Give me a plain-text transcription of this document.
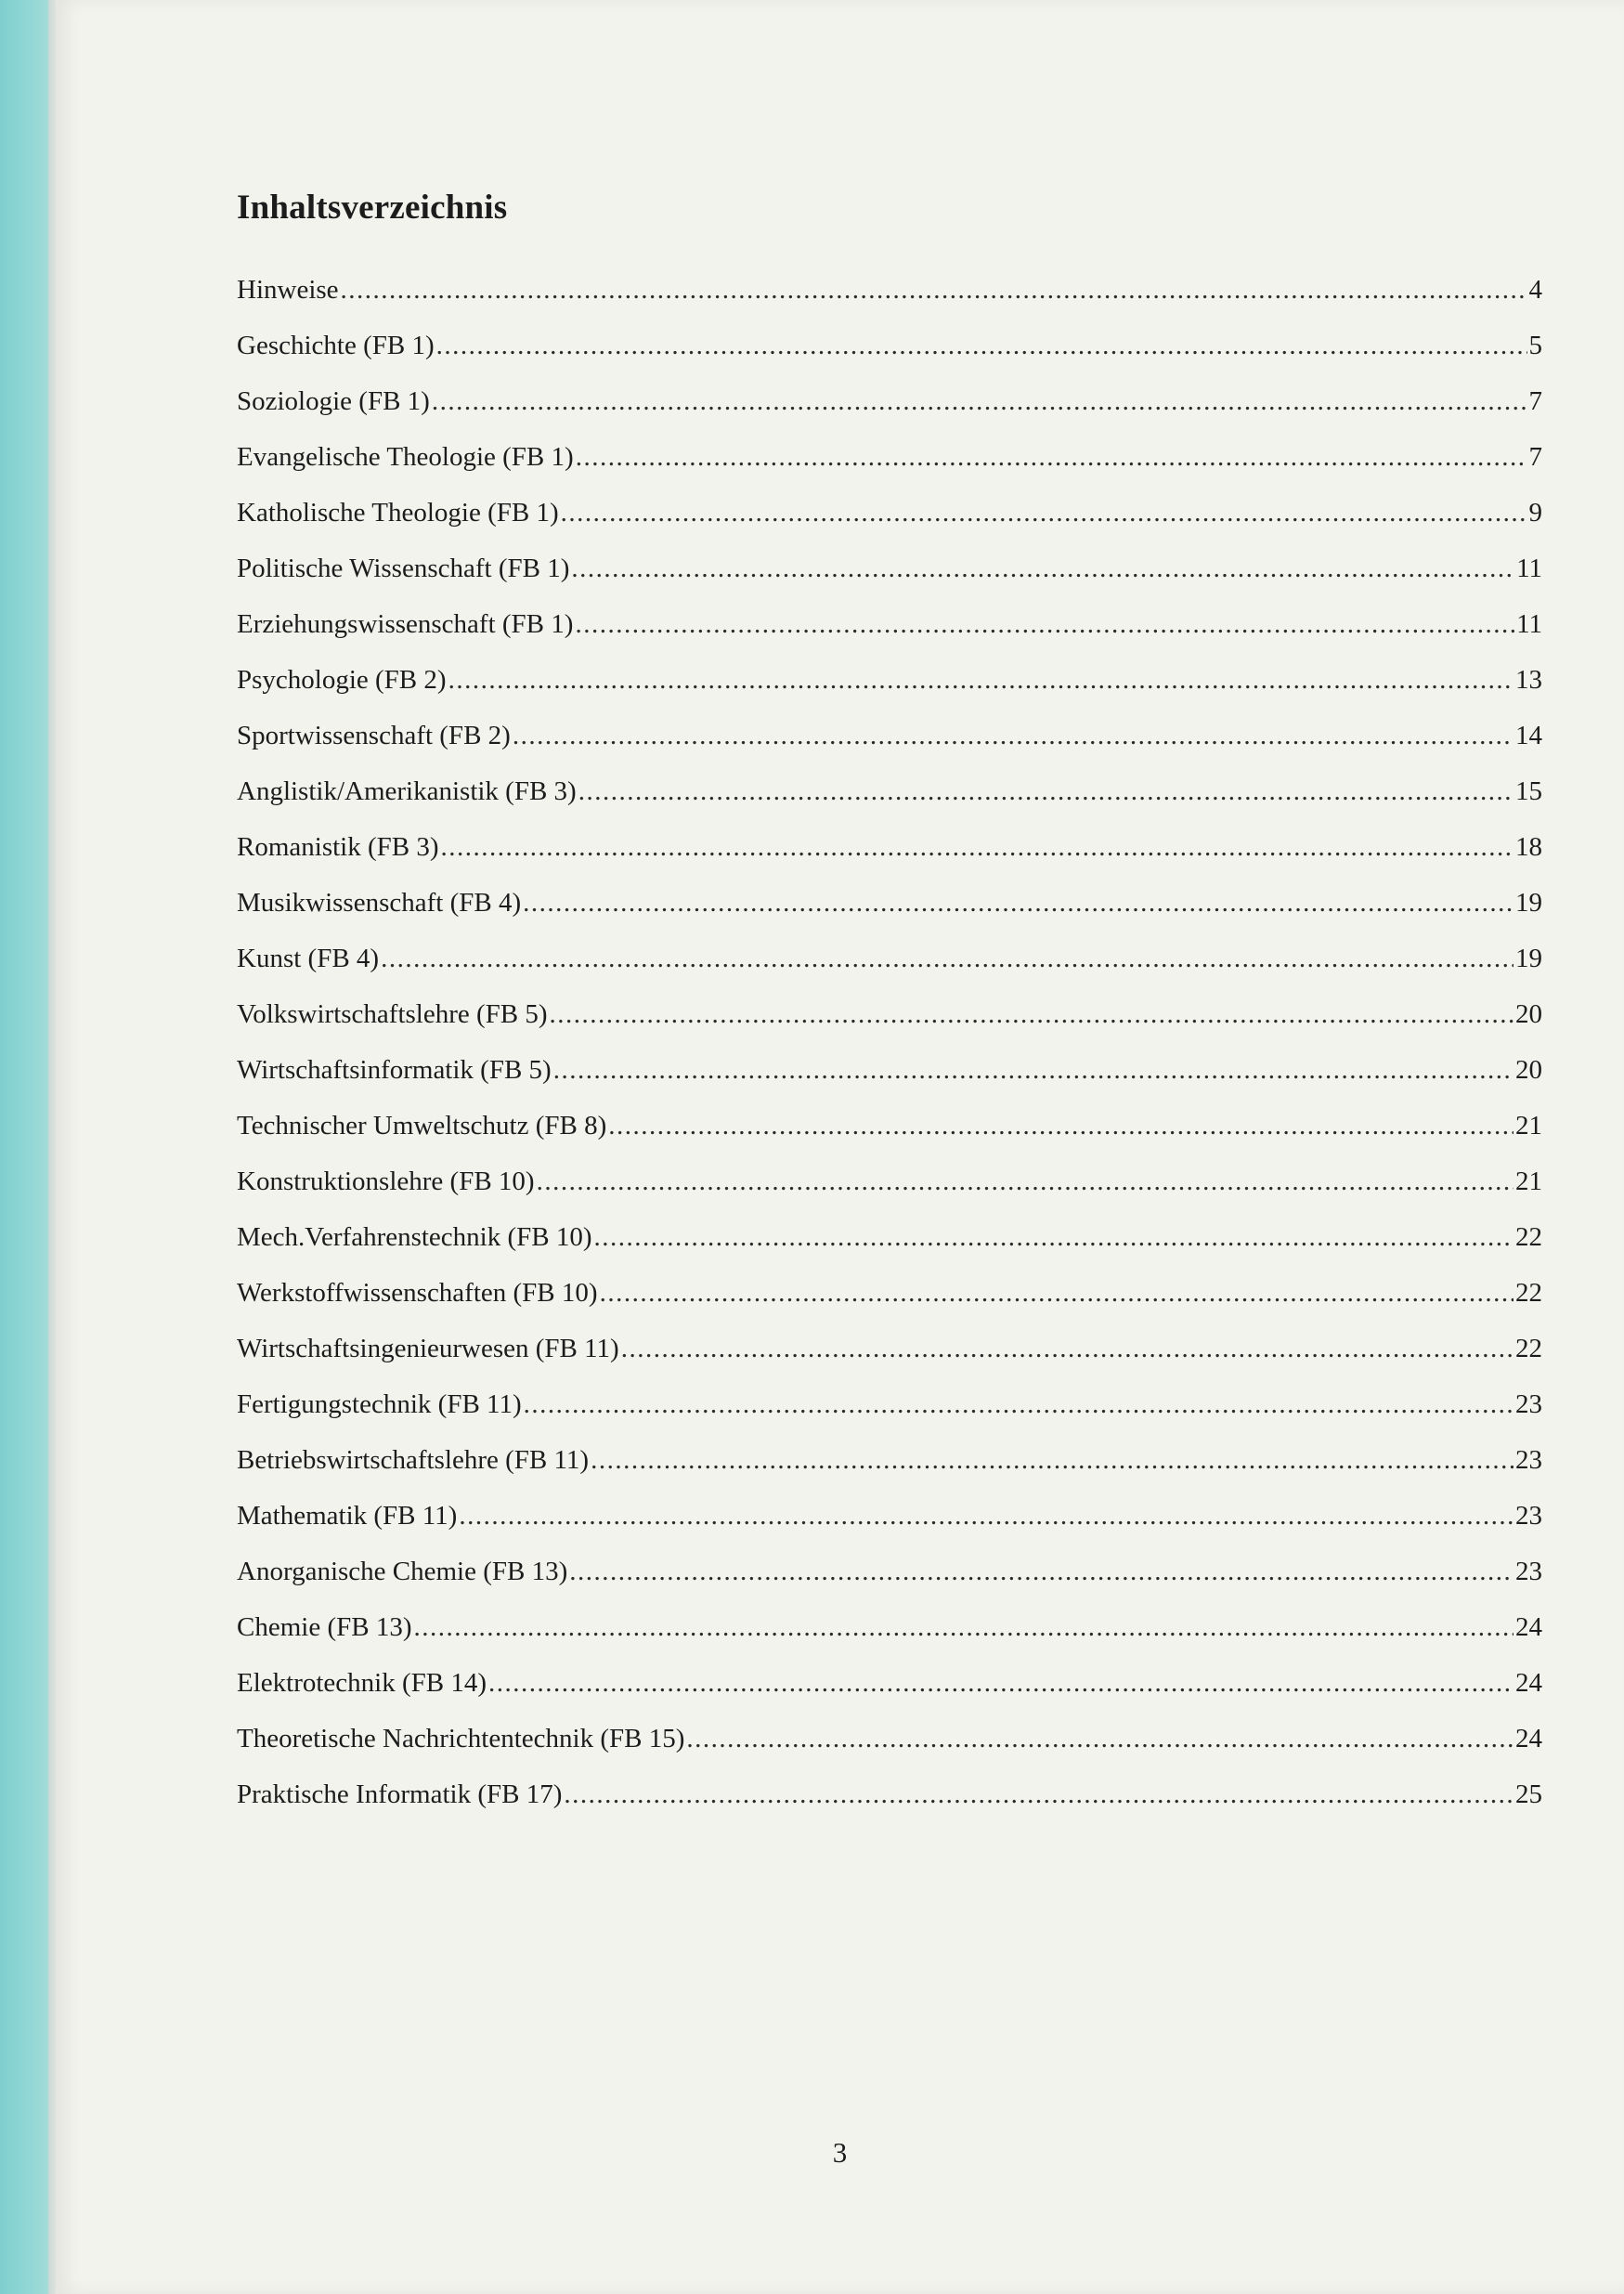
Inhaltsverzeichnis
Hinweise .....	4
Geschichte (FB 1) .....	5
Soziologie (FB 1) .....	7
Evangelische Theologie (FB 1) .....	7
Katholische Theologie (FB 1) .....	9
Politische Wissenschaft (FB 1) .....	11
Erziehungswissenschaft (FB 1) .....	11
Psychologie (FB 2) .....	13
Sportwissenschaft (FB 2) .....	14
Anglistik/Amerikanistik (FB 3) .....	15
Romanistik (FB 3) .....	18
Musikwissenschaft (FB 4) .....	19
Kunst (FB 4) .....	19
Volkswirtschaftslehre (FB 5) .....	20
Wirtschaftsinformatik (FB 5) .....	20
Technischer Umweltschutz (FB 8) .....	21
Konstruktionslehre (FB 10) .....	21
Mech.Verfahrenstechnik (FB 10) .....	22
Werkstoffwissenschaften (FB 10) .....	22
Wirtschaftsingenieurwesen (FB 11) .....	22
Fertigungstechnik (FB 11) .....	23
Betriebswirtschaftslehre (FB 11) .....	23
Mathematik (FB 11) .....	23
Anorganische Chemie (FB 13) .....	23
Chemie (FB 13) .....	24
Elektrotechnik (FB 14) .....	24
Theoretische Nachrichtentechnik (FB 15) .....	24
Praktische Informatik (FB 17) .....	25
3
